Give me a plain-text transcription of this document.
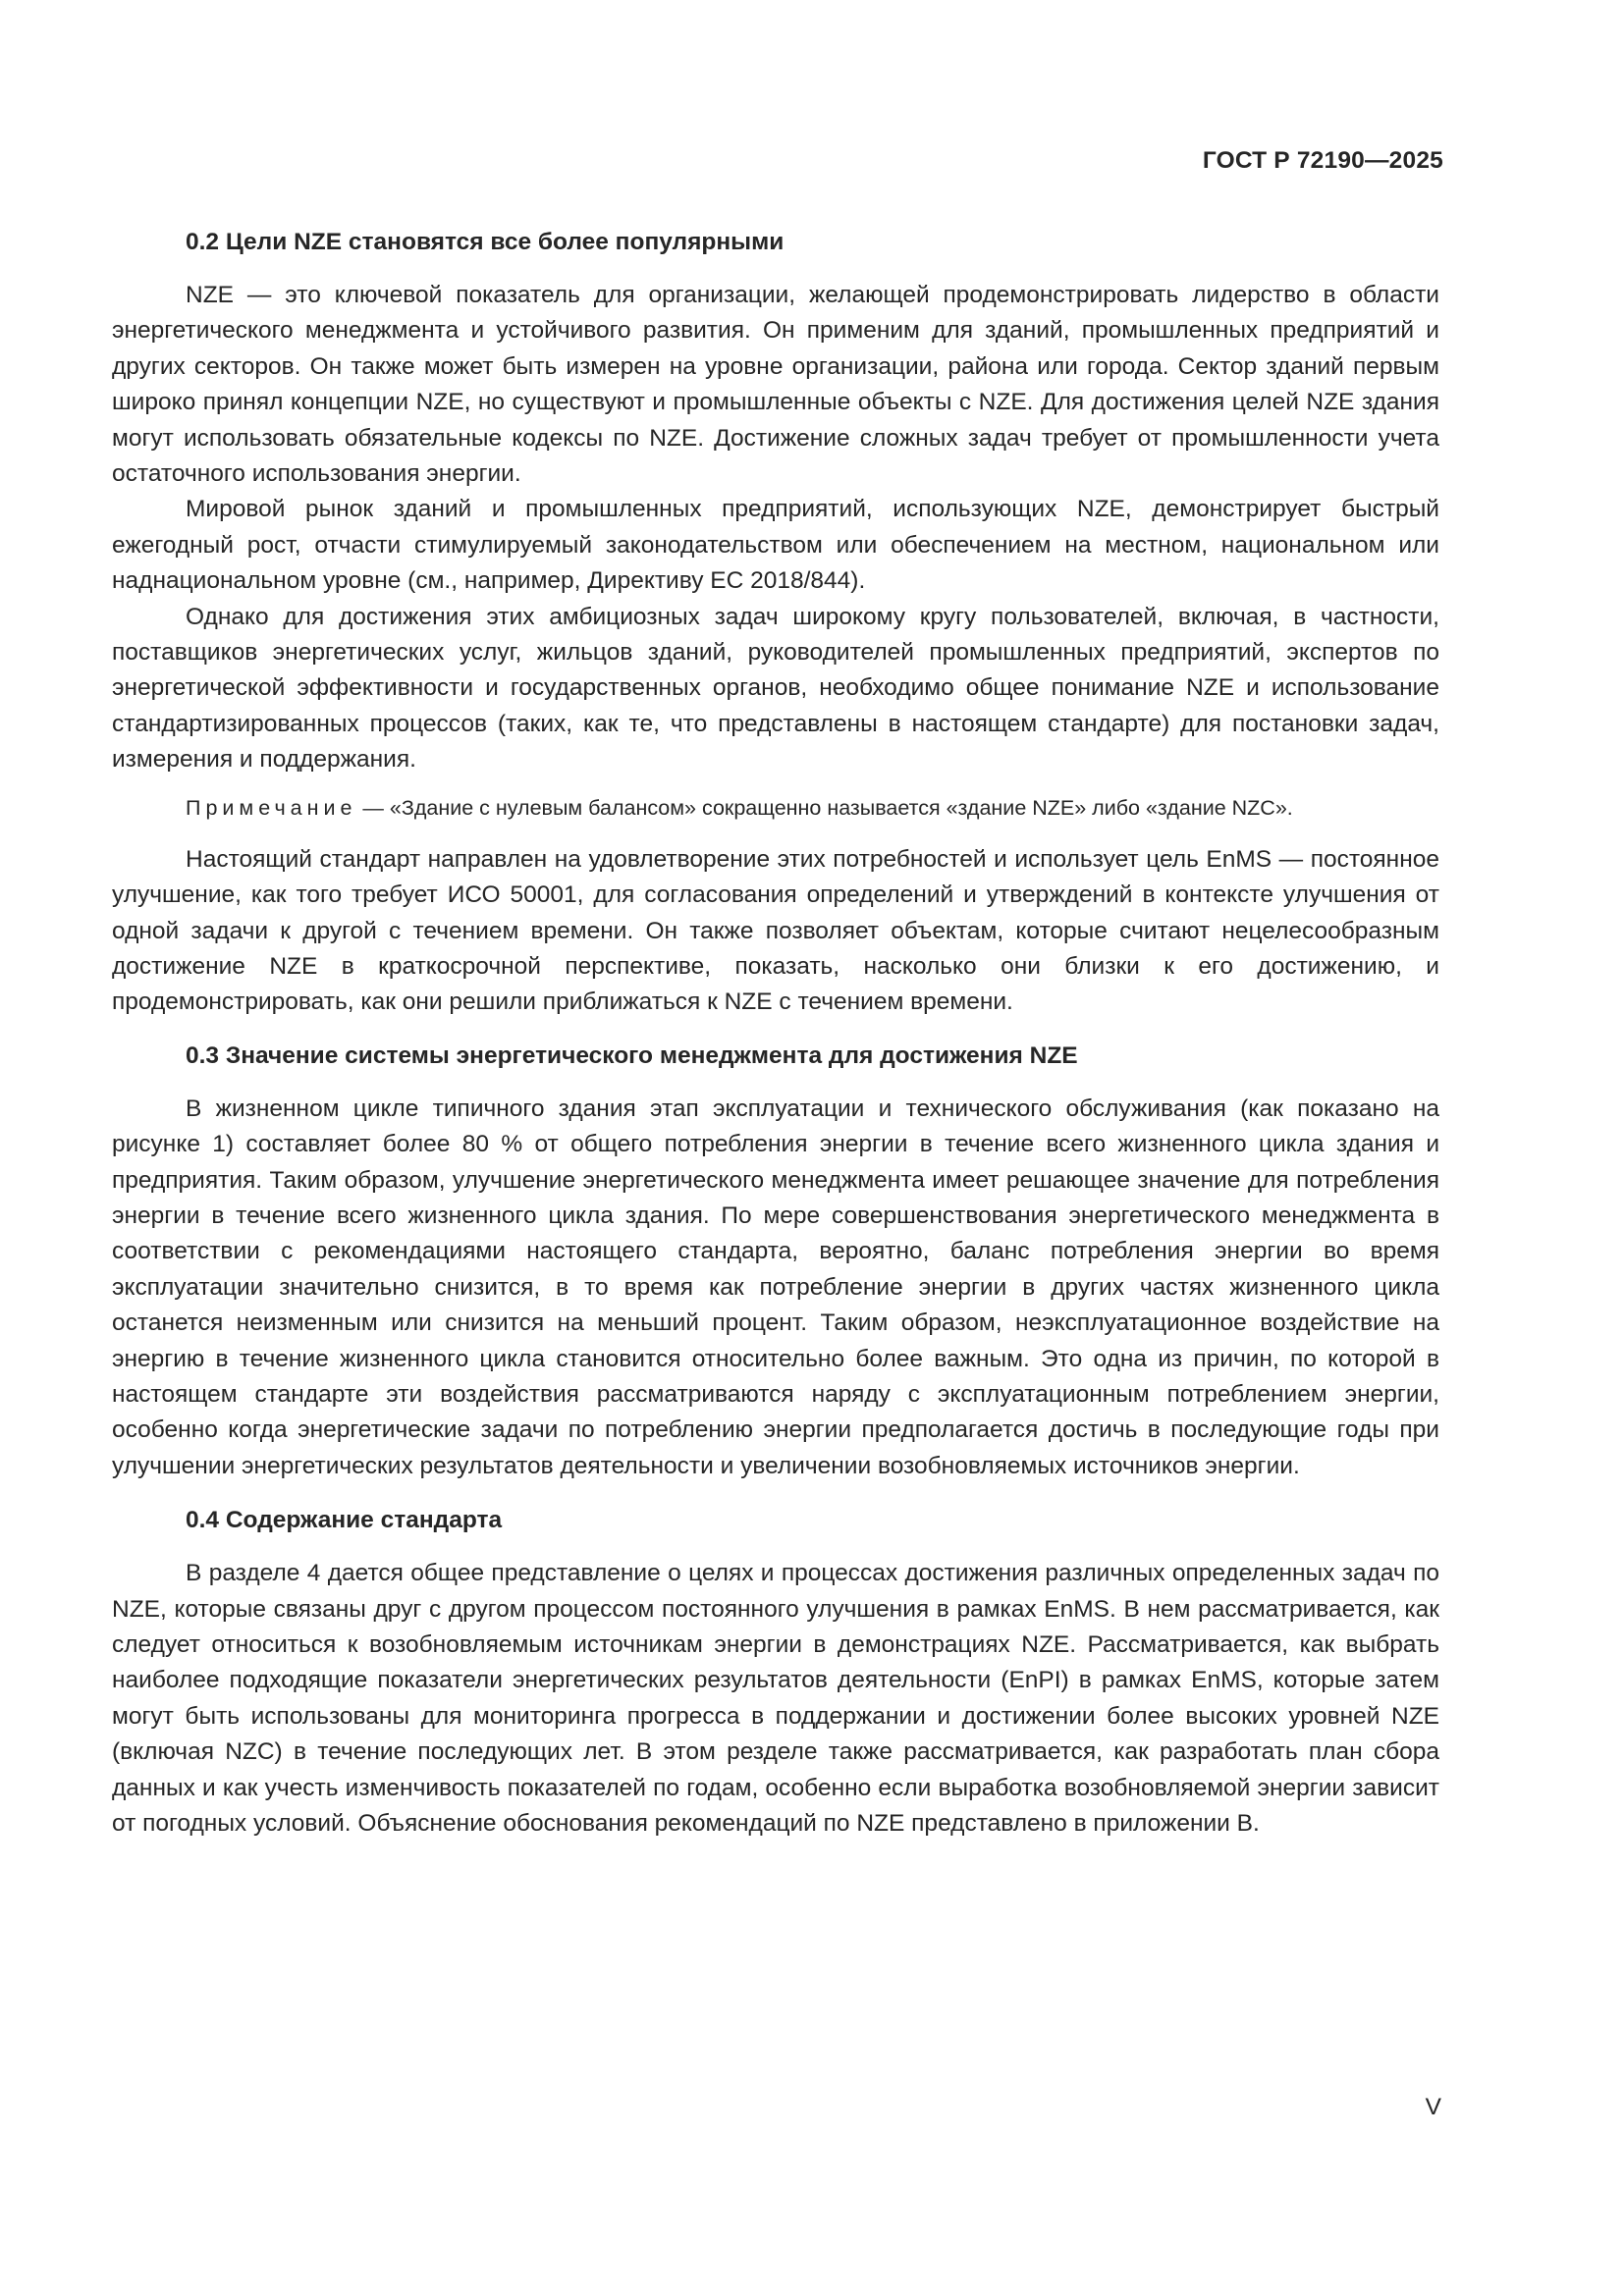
ГОСТ Р 72190—2025
0.2 Цели NZE становятся все более популярными

NZE — это ключевой показатель для организации, желающей продемонстрировать лидерство в области энергетического менеджмента и устойчивого развития. Он применим для зданий, промышленных предприятий и других секторов. Он также может быть измерен на уровне организации, района или города. Сектор зданий первым широко принял концепции NZE, но существуют и промышленные объекты с NZE. Для достижения целей NZE здания могут использовать обязательные кодексы по NZE. Достижение сложных задач требует от промышленности учета остаточного использования энергии.

Мировой рынок зданий и промышленных предприятий, использующих NZE, демонстрирует быстрый ежегодный рост, отчасти стимулируемый законодательством или обеспечением на местном, национальном или наднациональном уровне (см., например, Директиву ЕС 2018/844).

Однако для достижения этих амбициозных задач широкому кругу пользователей, включая, в частности, поставщиков энергетических услуг, жильцов зданий, руководителей промышленных предприятий, экспертов по энергетической эффективности и государственных органов, необходимо общее понимание NZE и использование стандартизированных процессов (таких, как те, что представлены в настоящем стандарте) для постановки задач, измерения и поддержания.

Примечание — «Здание с нулевым балансом» сокращенно называется «здание NZE» либо «здание NZC».

Настоящий стандарт направлен на удовлетворение этих потребностей и использует цель EnMS — постоянное улучшение, как того требует ИСО 50001, для согласования определений и утверждений в контексте улучшения от одной задачи к другой с течением времени. Он также позволяет объектам, которые считают нецелесообразным достижение NZE в краткосрочной перспективе, показать, насколько они близки к его достижению, и продемонстрировать, как они решили приближаться к NZE с течением времени.

0.3 Значение системы энергетического менеджмента для достижения NZE

В жизненном цикле типичного здания этап эксплуатации и технического обслуживания (как показано на рисунке 1) составляет более 80 % от общего потребления энергии в течение всего жизненного цикла здания и предприятия. Таким образом, улучшение энергетического менеджмента имеет решающее значение для потребления энергии в течение всего жизненного цикла здания. По мере совершенствования энергетического менеджмента в соответствии с рекомендациями настоящего стандарта, вероятно, баланс потребления энергии во время эксплуатации значительно снизится, в то время как потребление энергии в других частях жизненного цикла останется неизменным или снизится на меньший процент. Таким образом, неэксплуатационное воздействие на энергию в течение жизненного цикла становится относительно более важным. Это одна из причин, по которой в настоящем стандарте эти воздействия рассматриваются наряду с эксплуатационным потреблением энергии, особенно когда энергетические задачи по потреблению энергии предполагается достичь в последующие годы при улучшении энергетических результатов деятельности и увеличении возобновляемых источников энергии.

0.4 Содержание стандарта

В разделе 4 дается общее представление о целях и процессах достижения различных определенных задач по NZE, которые связаны друг с другом процессом постоянного улучшения в рамках EnMS. В нем рассматривается, как следует относиться к возобновляемым источникам энергии в демонстрациях NZE. Рассматривается, как выбрать наиболее подходящие показатели энергетических результатов деятельности (EnPI) в рамках EnMS, которые затем могут быть использованы для мониторинга прогресса в поддержании и достижении более высоких уровней NZE (включая NZC) в течение последующих лет. В этом резделе также рассматривается, как разработать план сбора данных и как учесть изменчивость показателей по годам, особенно если выработка возобновляемой энергии зависит от погодных условий. Объяснение обоснования рекомендаций по NZE представлено в приложении В.

V
